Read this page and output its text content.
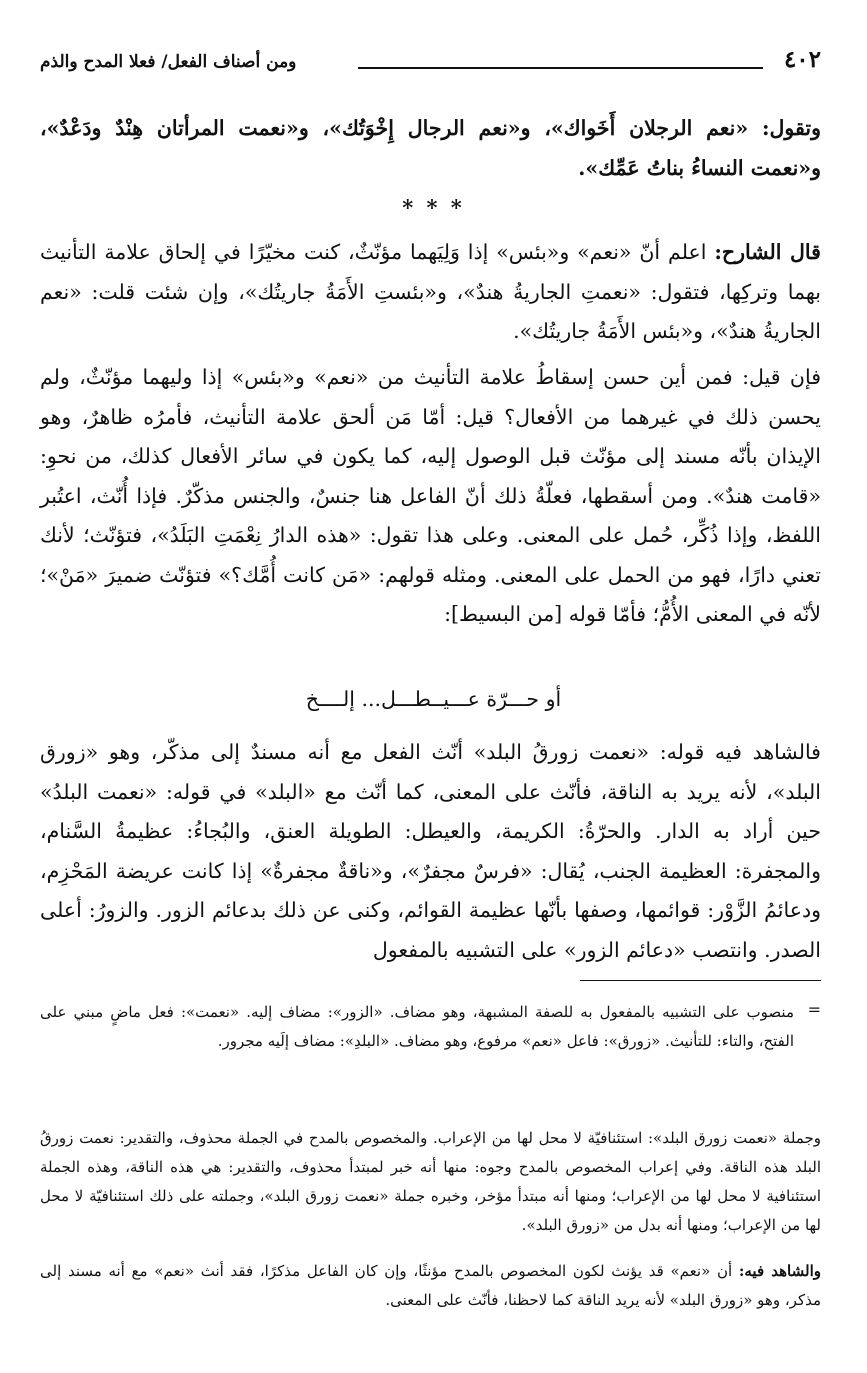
٤٠٢
ومن أصناف الفعل/ فعلا المدح والذم

وتقول: «نعم الرجلان أَخَواك»، و«نعم الرجال إِخْوَتُك»، و«نعمت المرأتان هِنْدٌ ودَعْدٌ»، و«نعمت النساءُ بناتُ عَمِّك».

* * *

قال الشارح: اعلم أنّ «نعم» و«بئس» إذا وَلِيَهما مؤنّثٌ، كنت مخيّرًا في إلحاق علامة التأنيث بهما وتركِها، فتقول: «نعمتِ الجاريةُ هندٌ»، و«بئستِ الأَمَةُ جاريتُك»، وإن شئت قلت: «نعم الجاريةُ هندٌ»، و«بئس الأَمَةُ جاريتُك».

فإن قيل: فمن أين حسن إسقاطُ علامة التأنيث من «نعم» و«بئس» إذا وليهما مؤنّثٌ، ولم يحسن ذلك في غيرهما من الأفعال؟ قيل: أمّا مَن ألحق علامة التأنيث، فأمرُه ظاهرٌ، وهو الإيذان بأنّه مسند إلى مؤنّث قبل الوصول إليه، كما يكون في سائر الأفعال كذلك، من نحوِ: «قامت هندٌ». ومن أسقطها، فعلّةُ ذلك أنّ الفاعل هنا جنسٌ، والجنس مذكّرٌ. فإذا أُنّث، اعتُبر اللفظ، وإذا ذُكِّر، حُمل على المعنى. وعلى هذا تقول: «هذه الدارُ نِعْمَتِ البَلَدُ»، فتؤنّث؛ لأنك تعني دارًا، فهو من الحمل على المعنى. ومثله قولهم: «مَن كانت أُمَّك؟» فتؤنّث ضميرَ «مَنْ»؛ لأنّه في المعنى الأُمُّ؛ فأمّا قوله [من البسيط]:

أو حـــرّة عـــيــطـــل... إلــــخ

فالشاهد فيه قوله: «نعمت زورقُ البلد» أنّث الفعل مع أنه مسندٌ إلى مذكّر، وهو «زورق البلد»، لأنه يريد به الناقة، فأنّث على المعنى، كما أنّث مع «البلد» في قوله: «نعمت البلدُ» حين أراد به الدار. والحرّةُ: الكريمة، والعيطل: الطويلة العنق، والبُجاءُ: عظيمةُ السَّنام، والمجفرة: العظيمة الجنب، يُقال: «فرسٌ مجفرٌ»، و«ناقةٌ مجفرةٌ» إذا كانت عريضة المَحْزِم، ودعائمُ الزَّوْر: قوائمها، وصفها بأنّها عظيمة القوائم، وكنى عن ذلك بدعائم الزور. والزورُ: أعلى الصدر. وانتصب «دعائم الزور» على التشبيه بالمفعول

=

منصوب على التشبيه بالمفعول به للصفة المشبهة، وهو مضاف. «الزور»: مضاف إليه. «نعمت»: فعل ماضٍ مبني على الفتح، والتاء: للتأنيث. «زورق»: فاعل «نعم» مرفوع، وهو مضاف. «البلدِ»: مضاف إلَيه مجرور.

وجملة «نعمت زورق البلد»: استئنافيّة لا محل لها من الإعراب. والمخصوص بالمدح في الجملة محذوف، والتقدير: نعمت زورقُ البلد هذه الناقة. وفي إعراب المخصوص بالمدح وجوه: منها أنه خبر لمبتدأ محذوف، والتقدير: هي هذه الناقة، وهذه الجملة استئنافية لا محل لها من الإعراب؛ ومنها أنه مبتدأ مؤخر، وخبره جملة «نعمت زورق البلد»، وجملته على ذلك استئنافيّة لا محل لها من الإعراب؛ ومنها أنه بدل من «زورق البلد».

والشاهد فيه: أن «نعم» قد يؤنث لكون المخصوص بالمدح مؤنثًا، وإن كان الفاعل مذكرًا، فقد أنث «نعم» مع أنه مسند إلى مذكر، وهو «زورق البلد» لأنه يريد الناقة كما لاحظنا، فأنّث على المعنى.
